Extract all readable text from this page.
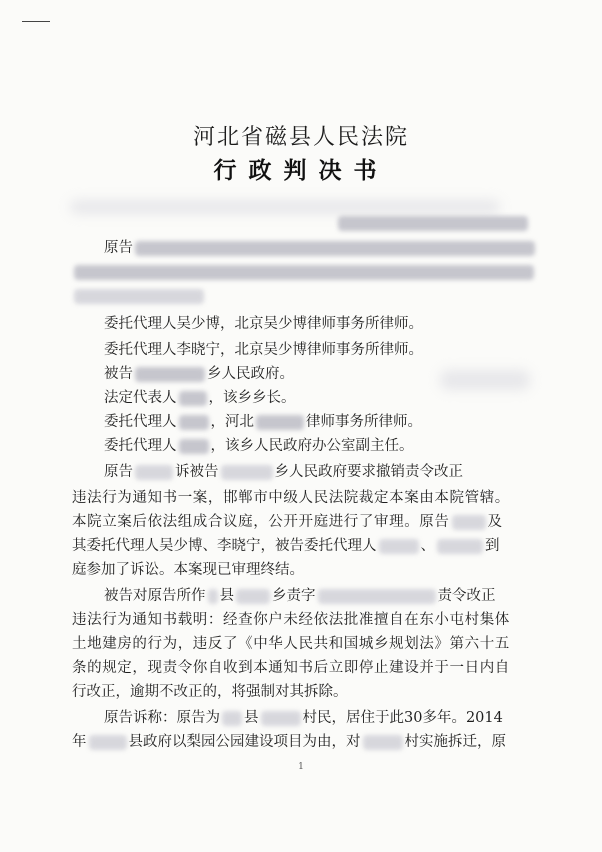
河北省磁县人民法院
行政判决书
原告
委托代理人吴少博，北京吴少博律师事务所律师。
委托代理人李晓宁，北京吴少博律师事务所律师。
被告	乡人民政府。
法定代表人 ，该乡乡长。
委托代理人 ，河北	律师事务所律师。
委托代理人 ，该乡人民政府办公室副主任。
原告	诉被告	乡人民政府要求撤销责令改正
违法行为通知书一案，邯郸市中级人民法院裁定本案由本院管辖。
本院立案后依法组成合议庭，公开开庭进行了审理。原告	及
其委托代理人吴少博、李晓宁，被告委托代理人	、	到
庭参加了诉讼。本案现已审理终结。
被告对原告所作 县	乡责字	责令改正
违法行为通知书载明：经查你户未经依法批准擅自在东小屯村集体
土地建房的行为，违反了《中华人民共和国城乡规划法》第六十五
条的规定，现责令你自收到本通知书后立即停止建设并于一日内自
行改正，逾期不改正的，将强制对其拆除。
原告诉称：原告为 县	村民，居住于此30多年。2014
年	县政府以梨园公园建设项目为由，对	村实施拆迁，原
1
